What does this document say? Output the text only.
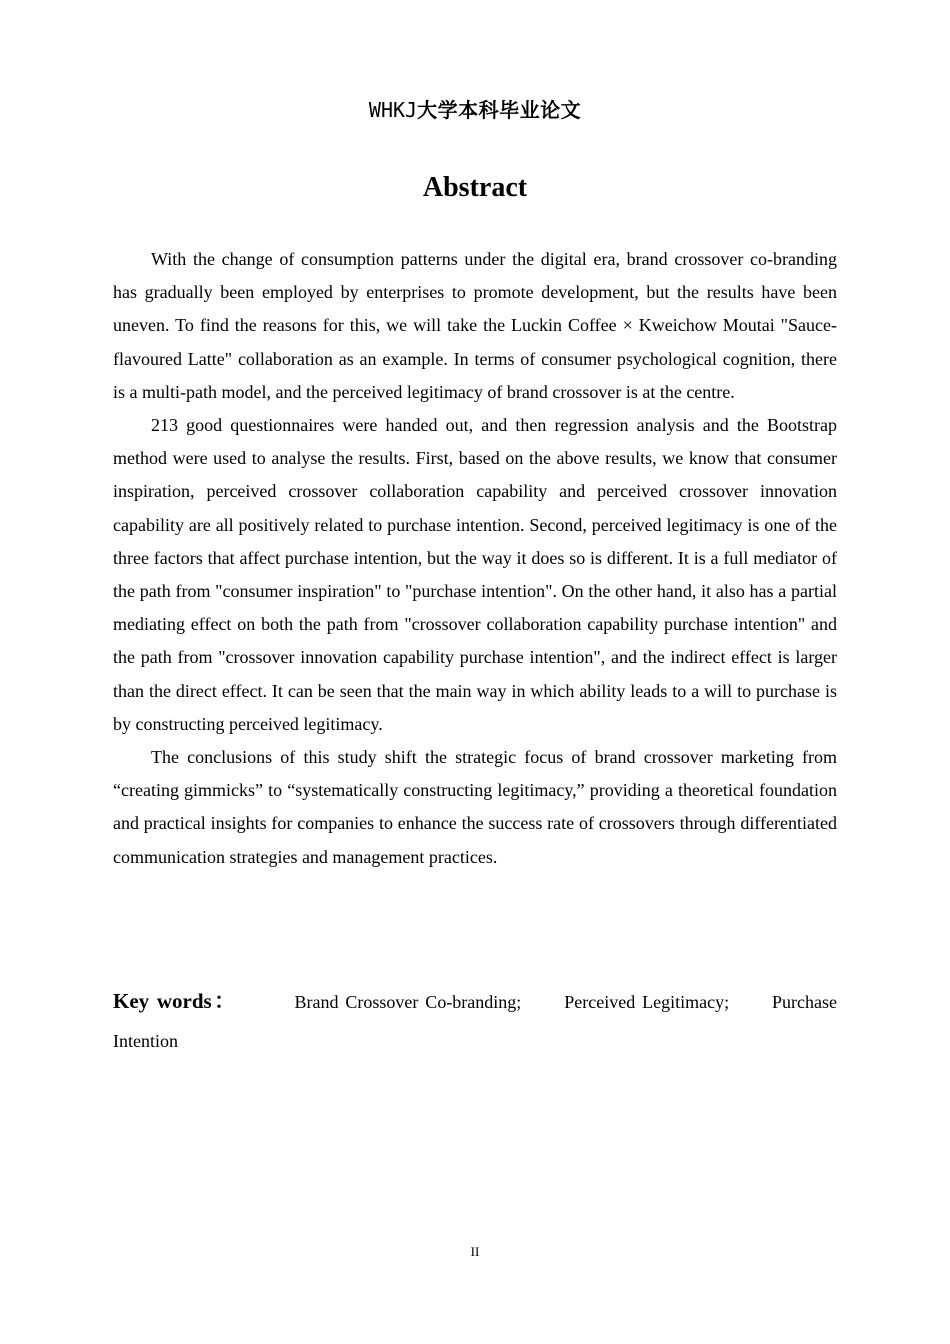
WHKJ大学本科毕业论文
Abstract

With the change of consumption patterns under the digital era, brand crossover co-branding has gradually been employed by enterprises to promote development, but the results have been uneven. To find the reasons for this, we will take the Luckin Coffee × Kweichow Moutai "Sauce-flavoured Latte" collaboration as an example. In terms of consumer psychological cognition, there is a multi-path model, and the perceived legitimacy of brand crossover is at the centre.

213 good questionnaires were handed out, and then regression analysis and the Bootstrap method were used to analyse the results. First, based on the above results, we know that consumer inspiration, perceived crossover collaboration capability and perceived crossover innovation capability are all positively related to purchase intention. Second, perceived legitimacy is one of the three factors that affect purchase intention, but the way it does so is different. It is a full mediator of the path from "consumer inspiration" to "purchase intention". On the other hand, it also has a partial mediating effect on both the path from "crossover collaboration capability purchase intention" and the path from "crossover innovation capability purchase intention", and the indirect effect is larger than the direct effect. It can be seen that the main way in which ability leads to a will to purchase is by constructing perceived legitimacy.

The conclusions of this study shift the strategic focus of brand crossover marketing from “creating gimmicks” to “systematically constructing legitimacy,” providing a theoretical foundation and practical insights for companies to enhance the success rate of crossovers through differentiated communication strategies and management practices.

Key words：	Brand Crossover Co-branding; Perceived Legitimacy; Purchase Intention
II
